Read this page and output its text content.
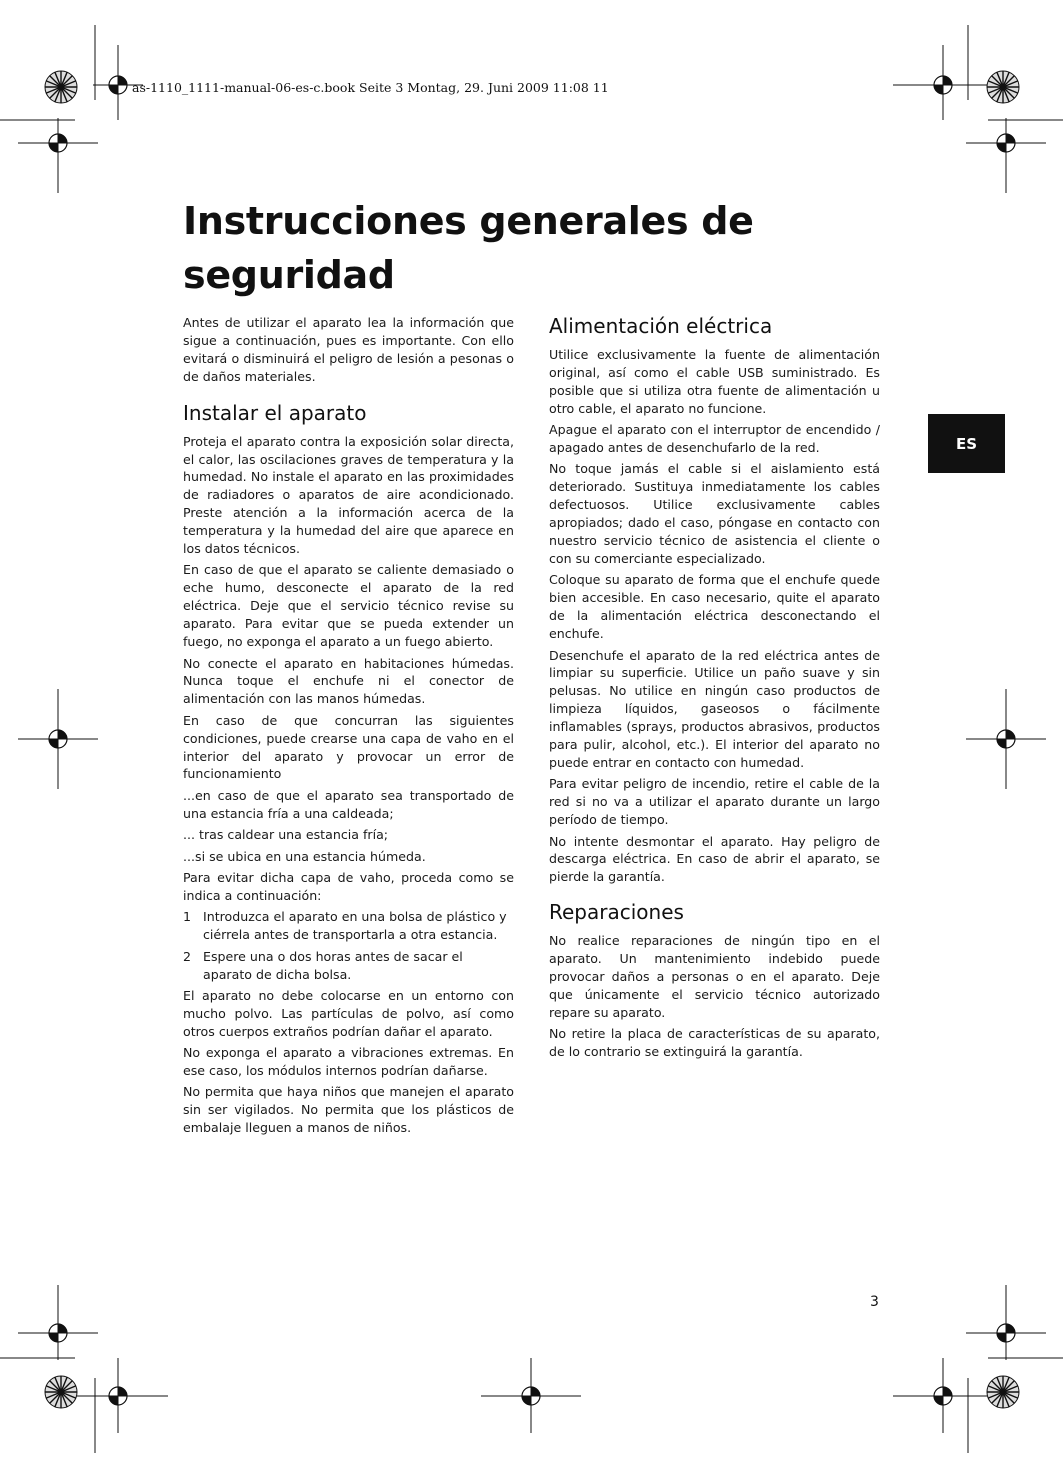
as-1110_1111-manual-06-es-c.book Seite 3 Montag, 29. Juni 2009 11:08 11
Instrucciones generales de seguridad

Antes de utilizar el aparato lea la información que sigue a continuación, pues es importante. Con ello evitará o disminuirá el peligro de lesión a pesonas o de daños materiales.

Instalar el aparato

Proteja el aparato contra la exposición solar directa, el calor, las oscilaciones graves de temperatura y la humedad. No instale el aparato en las proximidades de radiadores o aparatos de aire acondicionado. Preste atención a la información acerca de la temperatura y la humedad del aire que aparece en los datos técnicos.

En caso de que el aparato se caliente demasiado o eche humo, desconecte el aparato de la red eléctrica. Deje que el servicio técnico revise su aparato. Para evitar que se pueda extender un fuego, no exponga el aparato a un fuego abierto.

No conecte el aparato en habitaciones húmedas. Nunca toque el enchufe ni el conector de alimentación con las manos húmedas.

En caso de que concurran las siguientes condiciones, puede crearse una capa de vaho en el interior del aparato y provocar un error de funcionamiento

...en caso de que el aparato sea transportado de una estancia fría a una caldeada;

... tras caldear una estancia fría;

...si se ubica en una estancia húmeda.

Para evitar dicha capa de vaho, proceda como se indica a continuación:

1 Introduzca el aparato en una bolsa de plástico y ciérrela antes de transportarla a otra estancia.
2 Espere una o dos horas antes de sacar el aparato de dicha bolsa.

El aparato no debe colocarse en un entorno con mucho polvo. Las partículas de polvo, así como otros cuerpos extraños podrían dañar el aparato.

No exponga el aparato a vibraciones extremas. En ese caso, los módulos internos podrían dañarse.

No permita que haya niños que manejen el aparato sin ser vigilados. No permita que los plásticos de embalaje lleguen a manos de niños.

Alimentación eléctrica

Utilice exclusivamente la fuente de alimentación original, así como el cable USB suministrado. Es posible que si utiliza otra fuente de alimentación u otro cable, el aparato no funcione.

Apague el aparato con el interruptor de encendido / apagado antes de desenchufarlo de la red.

No toque jamás el cable si el aislamiento está deteriorado. Sustituya inmediatamente los cables defectuosos. Utilice exclusivamente cables apropiados; dado el caso, póngase en contacto con nuestro servicio técnico de asistencia el cliente o con su comerciante especializado.

Coloque su aparato de forma que el enchufe quede bien accesible. En caso necesario, quite el aparato de la alimentación eléctrica desconectando el enchufe.

Desenchufe el aparato de la red eléctrica antes de limpiar su superficie. Utilice un paño suave y sin pelusas. No utilice en ningún caso productos de limpieza líquidos, gaseosos o fácilmente inflamables (sprays, productos abrasivos, productos para pulir, alcohol, etc.). El interior del aparato no puede entrar en contacto con humedad.

Para evitar peligro de incendio, retire el cable de la red si no va a utilizar el aparato durante un largo período de tiempo.

No intente desmontar el aparato. Hay peligro de descarga eléctrica. En caso de abrir el aparato, se pierde la garantía.

Reparaciones

No realice reparaciones de ningún tipo en el aparato. Un mantenimiento indebido puede provocar daños a personas o en el aparato. Deje que únicamente el servicio técnico autorizado repare su aparato.

No retire la placa de características de su aparato, de lo contrario se extinguirá la garantía.

ES
3
